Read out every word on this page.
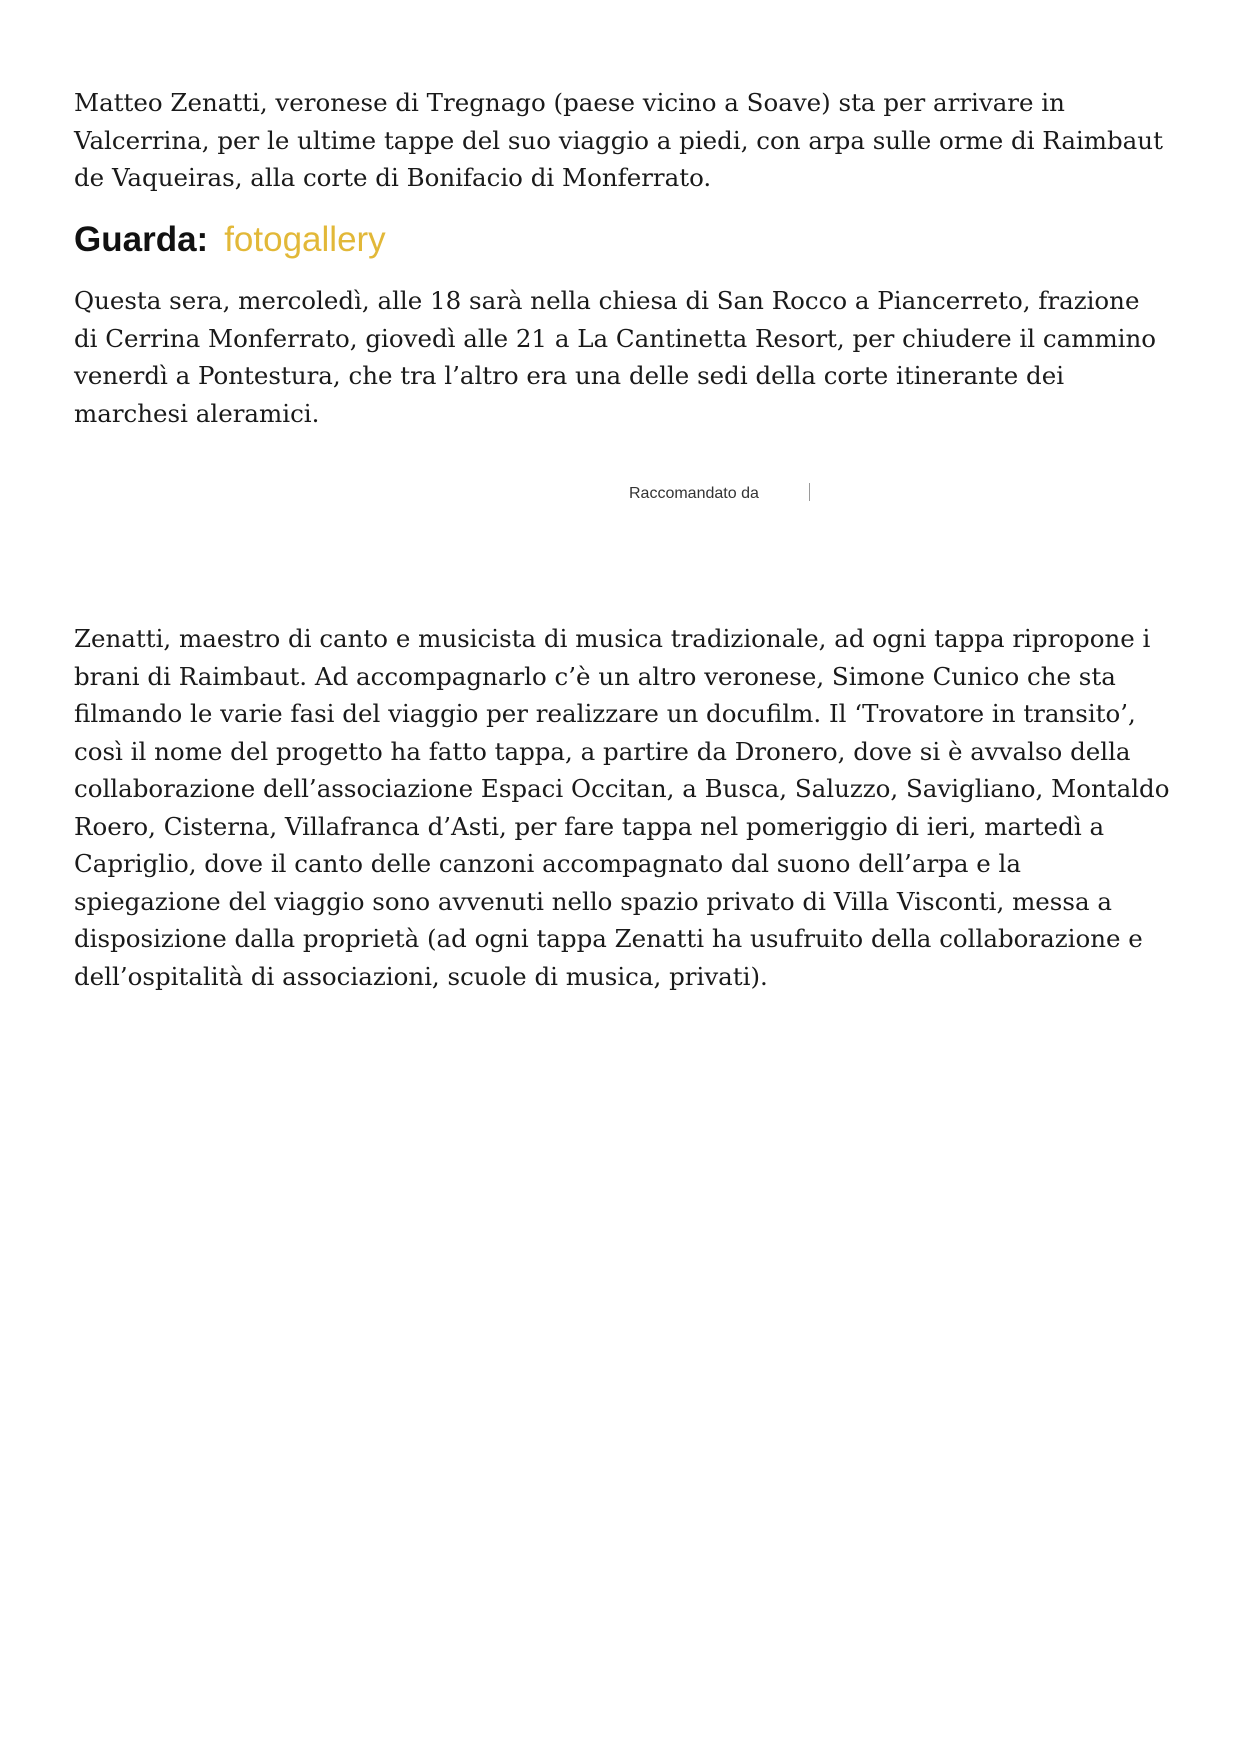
Matteo Zenatti, veronese di Tregnago (paese vicino a Soave) sta per arrivare in Valcerrina, per le ultime tappe del suo viaggio a piedi, con arpa sulle orme di Raimbaut de Vaqueiras, alla corte di Bonifacio di Monferrato.

Guarda: fotogallery

Questa sera, mercoledì, alle 18 sarà nella chiesa di San Rocco a Piancerreto, frazione di Cerrina Monferrato, giovedì alle 21 a La Cantinetta Resort, per chiudere il cammino venerdì a Pontestura, che tra l’altro era una delle sedi della corte itinerante dei marchesi aleramici.

Raccomandato da

Zenatti, maestro di canto e musicista di musica tradizionale, ad ogni tappa ripropone i brani di Raimbaut. Ad accompagnarlo c’è un altro veronese, Simone Cunico che sta filmando le varie fasi del viaggio per realizzare un docufilm. Il ‘Trovatore in transito’, così il nome del progetto ha fatto tappa, a partire da Dronero, dove si è avvalso della collaborazione dell’associazione Espaci Occitan, a Busca, Saluzzo, Savigliano, Montaldo Roero, Cisterna, Villafranca d’Asti, per fare tappa nel pomeriggio di ieri, martedì a Capriglio, dove il canto delle canzoni accompagnato dal suono dell’arpa e la spiegazione del viaggio sono avvenuti nello spazio privato di Villa Visconti, messa a disposizione dalla proprietà (ad ogni tappa Zenatti ha usufruito della collaborazione e dell’ospitalità di associazioni, scuole di musica, privati).
